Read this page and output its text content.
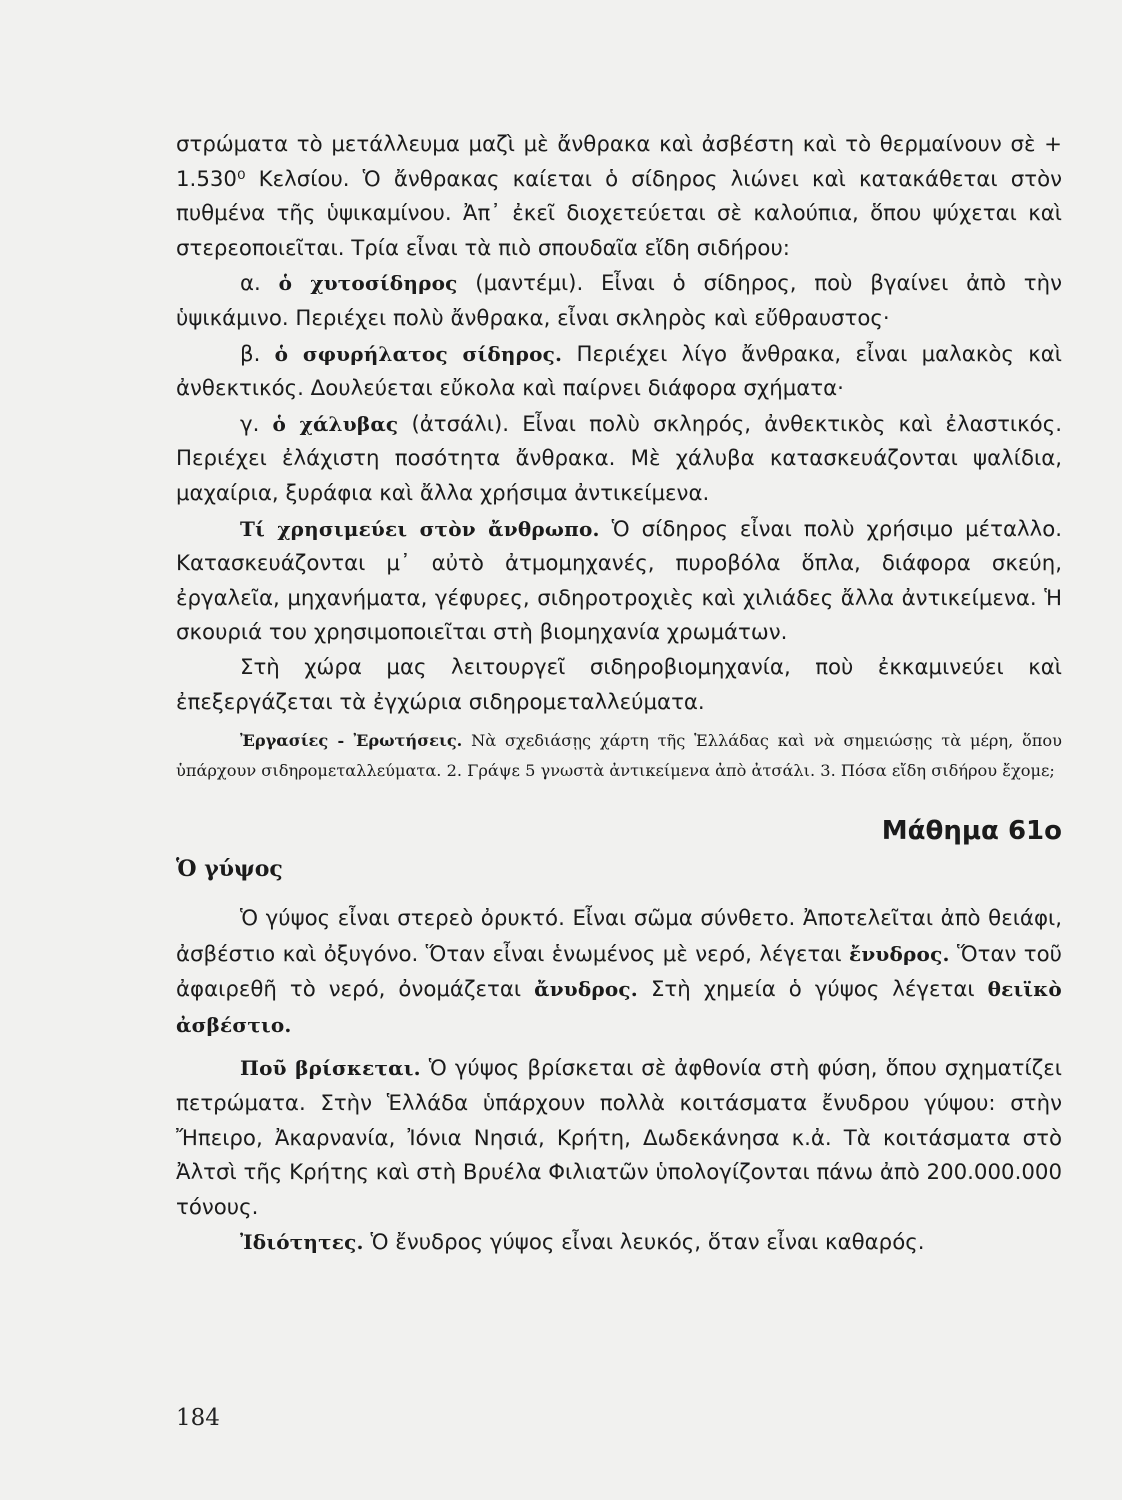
στρώματα τὸ μετάλλευμα μαζὶ μὲ ἄνθρακα καὶ ἀσβέστη καὶ τὸ θερμαίνουν σὲ + 1.530⁰ Κελσίου. Ὁ ἄνθρακας καίεται ὁ σίδηρος λιώνει καὶ κατακάθεται στὸν πυθμένα τῆς ὑψικαμίνου. Ἀπ᾽ ἐκεῖ διοχετεύεται σὲ καλούπια, ὅπου ψύχεται καὶ στερεοποιεῖται. Τρία εἶναι τὰ πιὸ σπουδαῖα εἴδη σιδήρου:

α. ὁ χυτοσίδηρος (μαντέμι). Εἶναι ὁ σίδηρος, ποὺ βγαίνει ἀπὸ τὴν ὑψικάμινο. Περιέχει πολὺ ἄνθρακα, εἶναι σκληρὸς καὶ εὔθραυστος·

β. ὁ σφυρήλατος σίδηρος. Περιέχει λίγο ἄνθρακα, εἶναι μαλακὸς καὶ ἀνθεκτικός. Δουλεύεται εὔκολα καὶ παίρνει διάφορα σχήματα·

γ. ὁ χάλυβας (ἀτσάλι). Εἶναι πολὺ σκληρός, ἀνθεκτικὸς καὶ ἐλαστικός. Περιέχει ἐλάχιστη ποσότητα ἄνθρακα. Μὲ χάλυβα κατασκευάζονται ψαλίδια, μαχαίρια, ξυράφια καὶ ἄλλα χρήσιμα ἀντικείμενα.

Τί χρησιμεύει στὸν ἄνθρωπο. Ὁ σίδηρος εἶναι πολὺ χρήσιμο μέταλλο. Κατασκευάζονται μ᾽ αὐτὸ ἀτμομηχανές, πυροβόλα ὅπλα, διάφορα σκεύη, ἐργαλεῖα, μηχανήματα, γέφυρες, σιδηροτροχιὲς καὶ χιλιάδες ἄλλα ἀντικείμενα. Ἡ σκουριά του χρησιμοποιεῖται στὴ βιομηχανία χρωμάτων.

Στὴ χώρα μας λειτουργεῖ σιδηροβιομηχανία, ποὺ ἐκκαμινεύει καὶ ἐπεξεργάζεται τὰ ἐγχώρια σιδηρομεταλλεύματα.

Ἐργασίες - Ἐρωτήσεις. Νὰ σχεδιάσῃς χάρτη τῆς Ἑλλάδας καὶ νὰ σημειώσῃς τὰ μέρη, ὅπου ὑπάρχουν σιδηρομεταλλεύματα. 2. Γράψε 5 γνωστὰ ἀντικείμενα ἀπὸ ἀτσάλι. 3. Πόσα εἴδη σιδήρου ἔχομε;
Μάθημα 61ο
Ὁ γύψος

Ὁ γύψος εἶναι στερεὸ ὀρυκτό. Εἶναι σῶμα σύνθετο. Ἀποτελεῖται ἀπὸ θειάφι, ἀσβέστιο καὶ ὀξυγόνο. Ὅταν εἶναι ἑνωμένος μὲ νερό, λέγεται ἔνυδρος. Ὅταν τοῦ ἀφαιρεθῆ τὸ νερό, ὀνομάζεται ἄνυδρος. Στὴ χημεία ὁ γύψος λέγεται θειϊκὸ ἀσβέστιο.

Ποῦ βρίσκεται. Ὁ γύψος βρίσκεται σὲ ἀφθονία στὴ φύση, ὅπου σχηματίζει πετρώματα. Στὴν Ἑλλάδα ὑπάρχουν πολλὰ κοιτάσματα ἔνυδρου γύψου: στὴν Ἤπειρο, Ἀκαρνανία, Ἰόνια Νησιά, Κρήτη, Δωδεκάνησα κ.ἀ. Τὰ κοιτάσματα στὸ Ἀλτσὶ τῆς Κρήτης καὶ στὴ Βρυέλα Φιλιατῶν ὑπολογίζονται πάνω ἀπὸ 200.000.000 τόνους.

Ἰδιότητες. Ὁ ἔνυδρος γύψος εἶναι λευκός, ὅταν εἶναι καθαρός.

184
